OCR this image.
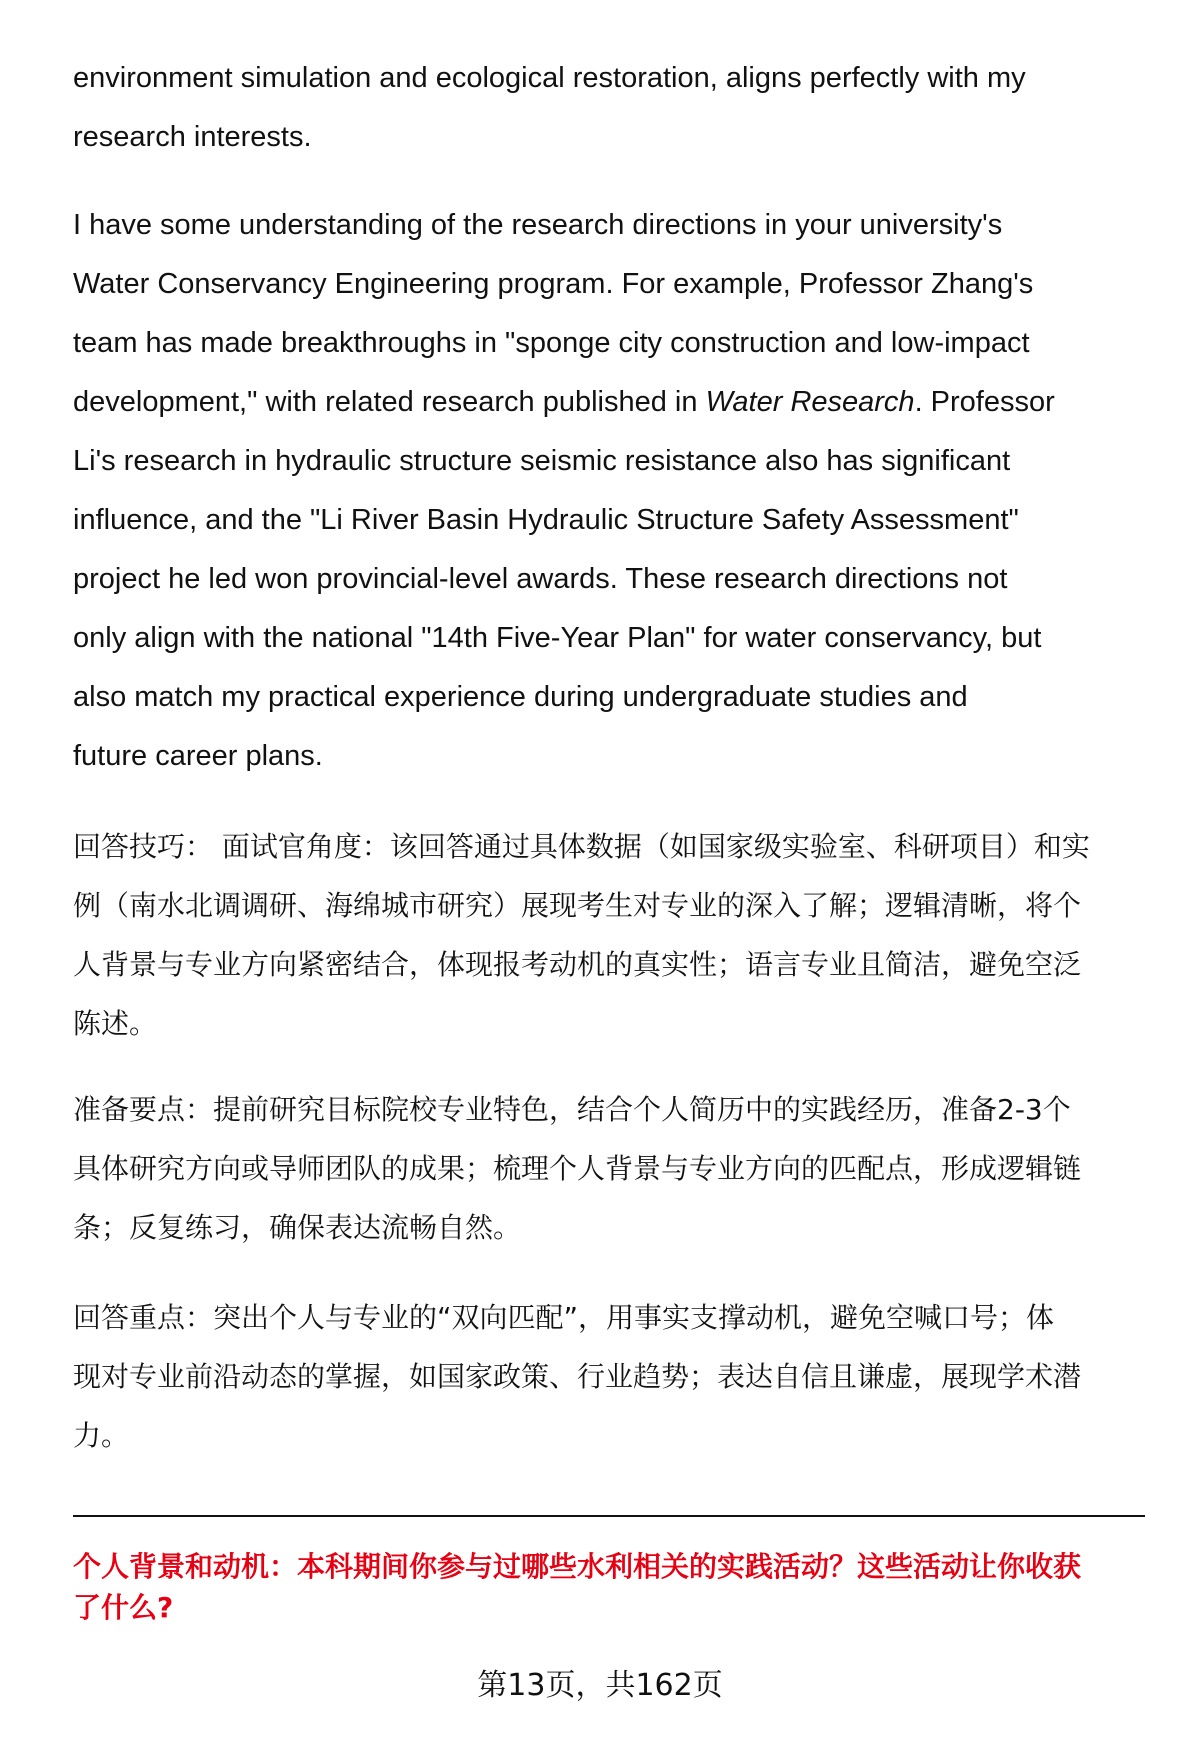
environment simulation and ecological restoration, aligns perfectly with my
research interests.
I have some understanding of the research directions in your university's
Water Conservancy Engineering program. For example, Professor Zhang's
team has made breakthroughs in "sponge city construction and low-impact
development," with related research published in Water Research. Professor
Li's research in hydraulic structure seismic resistance also has significant
influence, and the "Li River Basin Hydraulic Structure Safety Assessment"
project he led won provincial-level awards. These research directions not
only align with the national "14th Five-Year Plan" for water conservancy, but
also match my practical experience during undergraduate studies and
future career plans.
回答技巧： 面试官角度：该回答通过具体数据（如国家级实验室、科研项目）和实
例（南水北调调研、海绵城市研究）展现考生对专业的深入了解；逻辑清晰，将个
人背景与专业方向紧密结合，体现报考动机的真实性；语言专业且简洁，避免空泛
陈述。
准备要点：提前研究目标院校专业特色，结合个人简历中的实践经历，准备2-3个
具体研究方向或导师团队的成果；梳理个人背景与专业方向的匹配点，形成逻辑链
条；反复练习，确保表达流畅自然。
回答重点：突出个人与专业的“双向匹配”，用事实支撑动机，避免空喊口号；体
现对专业前沿动态的掌握，如国家政策、行业趋势；表达自信且谦虚，展现学术潜
力。
个人背景和动机：本科期间你参与过哪些水利相关的实践活动？这些活动让你收获
了什么?
第13页，共162页
